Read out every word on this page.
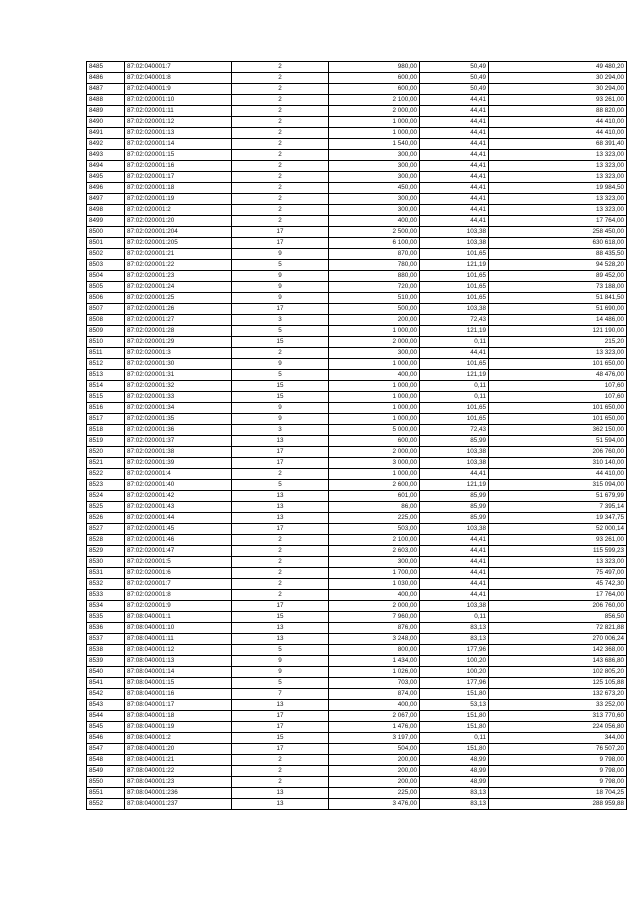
8485	87:02:040001:7	2	980,00	50,49	49 480,20
8486	87:02:040001:8	2	600,00	50,49	30 294,00
8487	87:02:040001:9	2	600,00	50,49	30 294,00
8488	87:02:020001:10	2	2 100,00	44,41	93 261,00
8489	87:02:020001:11	2	2 000,00	44,41	88 820,00
8490	87:02:020001:12	2	1 000,00	44,41	44 410,00
8491	87:02:020001:13	2	1 000,00	44,41	44 410,00
8492	87:02:020001:14	2	1 540,00	44,41	68 391,40
8493	87:02:020001:15	2	300,00	44,41	13 323,00
8494	87:02:020001:16	2	300,00	44,41	13 323,00
8495	87:02:020001:17	2	300,00	44,41	13 323,00
8496	87:02:020001:18	2	450,00	44,41	19 984,50
8497	87:02:020001:19	2	300,00	44,41	13 323,00
8498	87:02:020001:2	2	300,00	44,41	13 323,00
8499	87:02:020001:20	2	400,00	44,41	17 764,00
8500	87:02:020001:204	17	2 500,00	103,38	258 450,00
8501	87:02:020001:205	17	6 100,00	103,38	630 618,00
8502	87:02:020001:21	9	870,00	101,65	88 435,50
8503	87:02:020001:22	5	780,00	121,19	94 528,20
8504	87:02:020001:23	9	880,00	101,65	89 452,00
8505	87:02:020001:24	9	720,00	101,65	73 188,00
8506	87:02:020001:25	9	510,00	101,65	51 841,50
8507	87:02:020001:26	17	500,00	103,38	51 690,00
8508	87:02:020001:27	3	200,00	72,43	14 486,00
8509	87:02:020001:28	5	1 000,00	121,19	121 190,00
8510	87:02:020001:29	15	2 000,00	0,11	215,20
8511	87:02:020001:3	2	300,00	44,41	13 323,00
8512	87:02:020001:30	9	1 000,00	101,65	101 650,00
8513	87:02:020001:31	5	400,00	121,19	48 476,00
8514	87:02:020001:32	15	1 000,00	0,11	107,60
8515	87:02:020001:33	15	1 000,00	0,11	107,60
8516	87:02:020001:34	9	1 000,00	101,65	101 650,00
8517	87:02:020001:35	9	1 000,00	101,65	101 650,00
8518	87:02:020001:36	3	5 000,00	72,43	362 150,00
8519	87:02:020001:37	13	600,00	85,99	51 594,00
8520	87:02:020001:38	17	2 000,00	103,38	206 760,00
8521	87:02:020001:39	17	3 000,00	103,38	310 140,00
8522	87:02:020001:4	2	1 000,00	44,41	44 410,00
8523	87:02:020001:40	5	2 600,00	121,19	315 094,00
8524	87:02:020001:42	13	601,00	85,99	51 679,99
8525	87:02:020001:43	13	86,00	85,99	7 395,14
8526	87:02:020001:44	13	225,00	85,99	19 347,75
8527	87:02:020001:45	17	503,00	103,38	52 000,14
8528	87:02:020001:46	2	2 100,00	44,41	93 261,00
8529	87:02:020001:47	2	2 603,00	44,41	115 599,23
8530	87:02:020001:5	2	300,00	44,41	13 323,00
8531	87:02:020001:6	2	1 700,00	44,41	75 497,00
8532	87:02:020001:7	2	1 030,00	44,41	45 742,30
8533	87:02:020001:8	2	400,00	44,41	17 764,00
8534	87:02:020001:9	17	2 000,00	103,38	206 760,00
8535	87:08:040001:1	15	7 960,00	0,11	856,50
8536	87:08:040001:10	13	876,00	83,13	72 821,88
8537	87:08:040001:11	13	3 248,00	83,13	270 006,24
8538	87:08:040001:12	5	800,00	177,96	142 368,00
8539	87:08:040001:13	9	1 434,00	100,20	143 686,80
8540	87:08:040001:14	9	1 026,00	100,20	102 805,20
8541	87:08:040001:15	5	703,00	177,96	125 105,88
8542	87:08:040001:16	7	874,00	151,80	132 673,20
8543	87:08:040001:17	13	400,00	53,13	33 252,00
8544	87:08:040001:18	17	2 067,00	151,80	313 770,60
8545	87:08:040001:19	17	1 476,00	151,80	224 056,80
8546	87:08:040001:2	15	3 197,00	0,11	344,00
8547	87:08:040001:20	17	504,00	151,80	76 507,20
8548	87:08:040001:21	2	200,00	48,99	9 798,00
8549	87:08:040001:22	2	200,00	48,99	9 798,00
8550	87:08:040001:23	2	200,00	48,99	9 798,00
8551	87:08:040001:236	13	225,00	83,13	18 704,25
8552	87:08:040001:237	13	3 476,00	83,13	288 959,88
